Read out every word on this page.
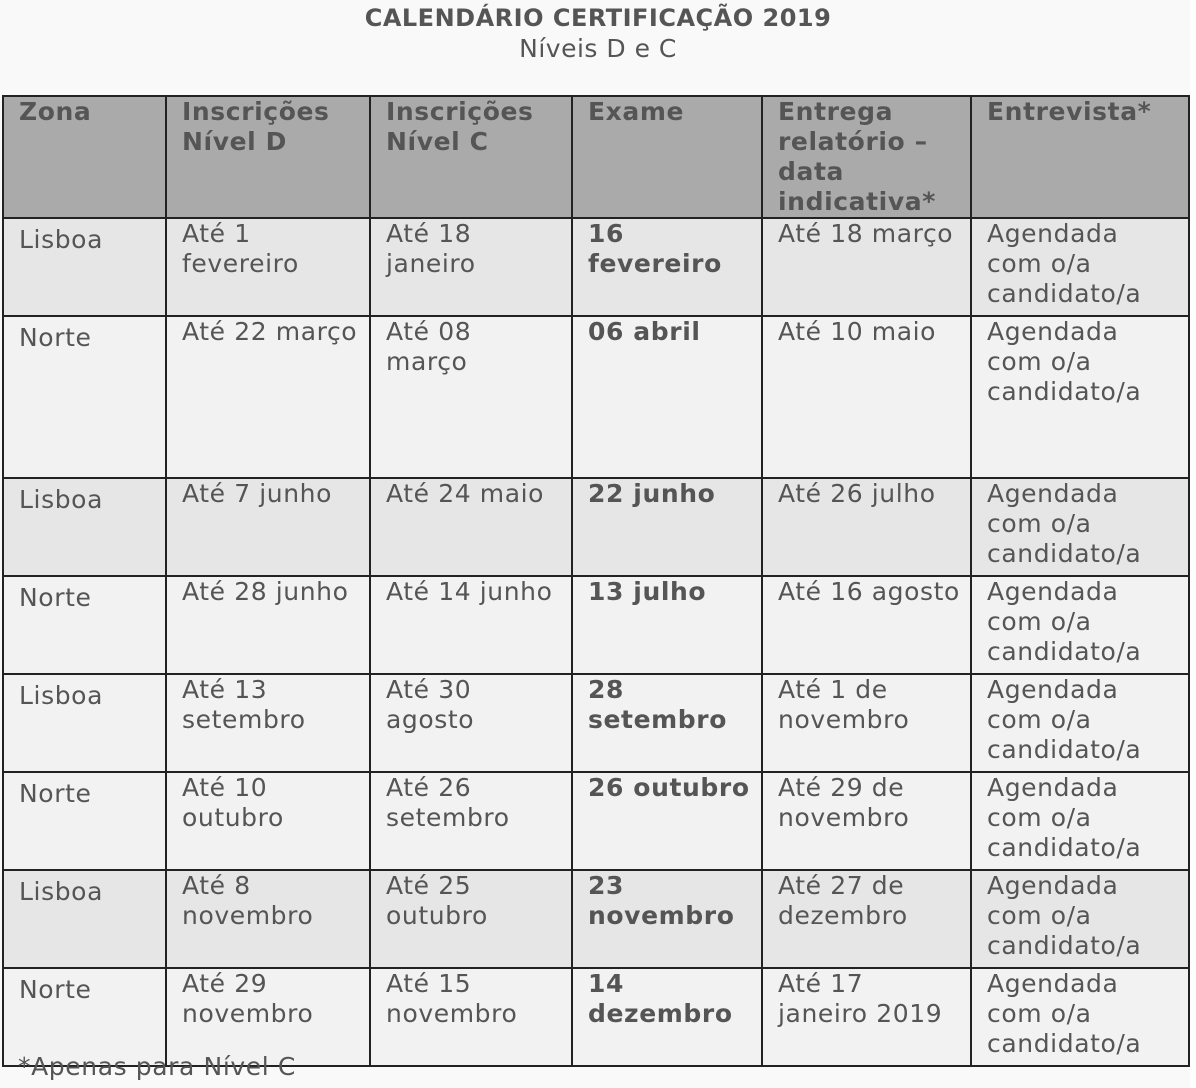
CALENDÁRIO CERTIFICAÇÃO 2019
Níveis D e C
Zona	Inscrições Nível D	Inscrições Nível C	Exame	Entrega relatório – data indicativa*	Entrevista*
Lisboa	Até 1 fevereiro	Até 18 janeiro	16 fevereiro	Até 18 março	Agendada com o/a candidato/a
Norte	Até 22 março	Até 08 março	06 abril	Até 10 maio	Agendada com o/a candidato/a
Lisboa	Até 7 junho	Até 24 maio	22 junho	Até 26 julho	Agendada com o/a candidato/a
Norte	Até 28 junho	Até 14 junho	13 julho	Até 16 agosto	Agendada com o/a candidato/a
Lisboa	Até 13 setembro	Até 30 agosto	28 setembro	Até 1 de novembro	Agendada com o/a candidato/a
Norte	Até 10 outubro	Até 26 setembro	26 outubro	Até 29 de novembro	Agendada com o/a candidato/a
Lisboa	Até 8 novembro	Até 25 outubro	23 novembro	Até 27 de dezembro	Agendada com o/a candidato/a
Norte	Até 29 novembro	Até 15 novembro	14 dezembro	Até 17 janeiro 2019	Agendada com o/a candidato/a
*Apenas para Nível C
